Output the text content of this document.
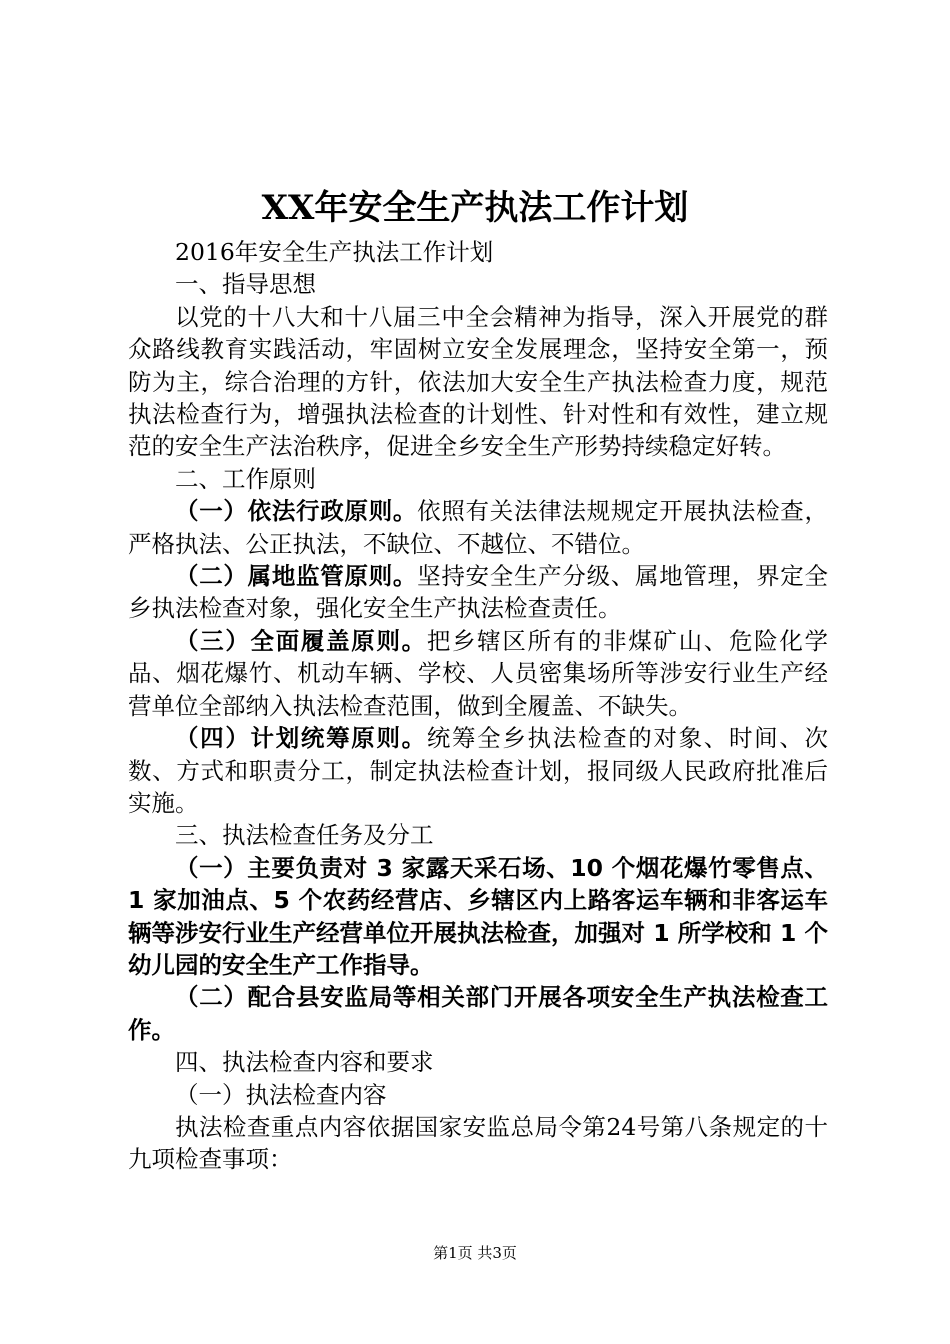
XX年安全生产执法工作计划

2016年安全生产执法工作计划

一、指导思想

以党的十八大和十八届三中全会精神为指导，深入开展党的群众路线教育实践活动，牢固树立安全发展理念，坚持安全第一，预防为主，综合治理的方针，依法加大安全生产执法检查力度，规范执法检查行为，增强执法检查的计划性、针对性和有效性，建立规范的安全生产法治秩序，促进全乡安全生产形势持续稳定好转。

二、工作原则

（一）依法行政原则。依照有关法律法规规定开展执法检查，严格执法、公正执法，不缺位、不越位、不错位。

（二）属地监管原则。坚持安全生产分级、属地管理，界定全乡执法检查对象，强化安全生产执法检查责任。

（三）全面履盖原则。把乡辖区所有的非煤矿山、危险化学品、烟花爆竹、机动车辆、学校、人员密集场所等涉安行业生产经营单位全部纳入执法检查范围，做到全履盖、不缺失。

（四）计划统筹原则。统筹全乡执法检查的对象、时间、次数、方式和职责分工，制定执法检查计划，报同级人民政府批准后实施。

三、执法检查任务及分工

（一）主要负责对 3 家露天采石场、10 个烟花爆竹零售点、1 家加油点、5 个农药经营店、乡辖区内上路客运车辆和非客运车辆等涉安行业生产经营单位开展执法检查，加强对 1 所学校和 1 个幼儿园的安全生产工作指导。

（二）配合县安监局等相关部门开展各项安全生产执法检查工作。

四、执法检查内容和要求

（一）执法检查内容

执法检查重点内容依据国家安监总局令第24号第八条规定的十九项检查事项：

第1页 共3页
